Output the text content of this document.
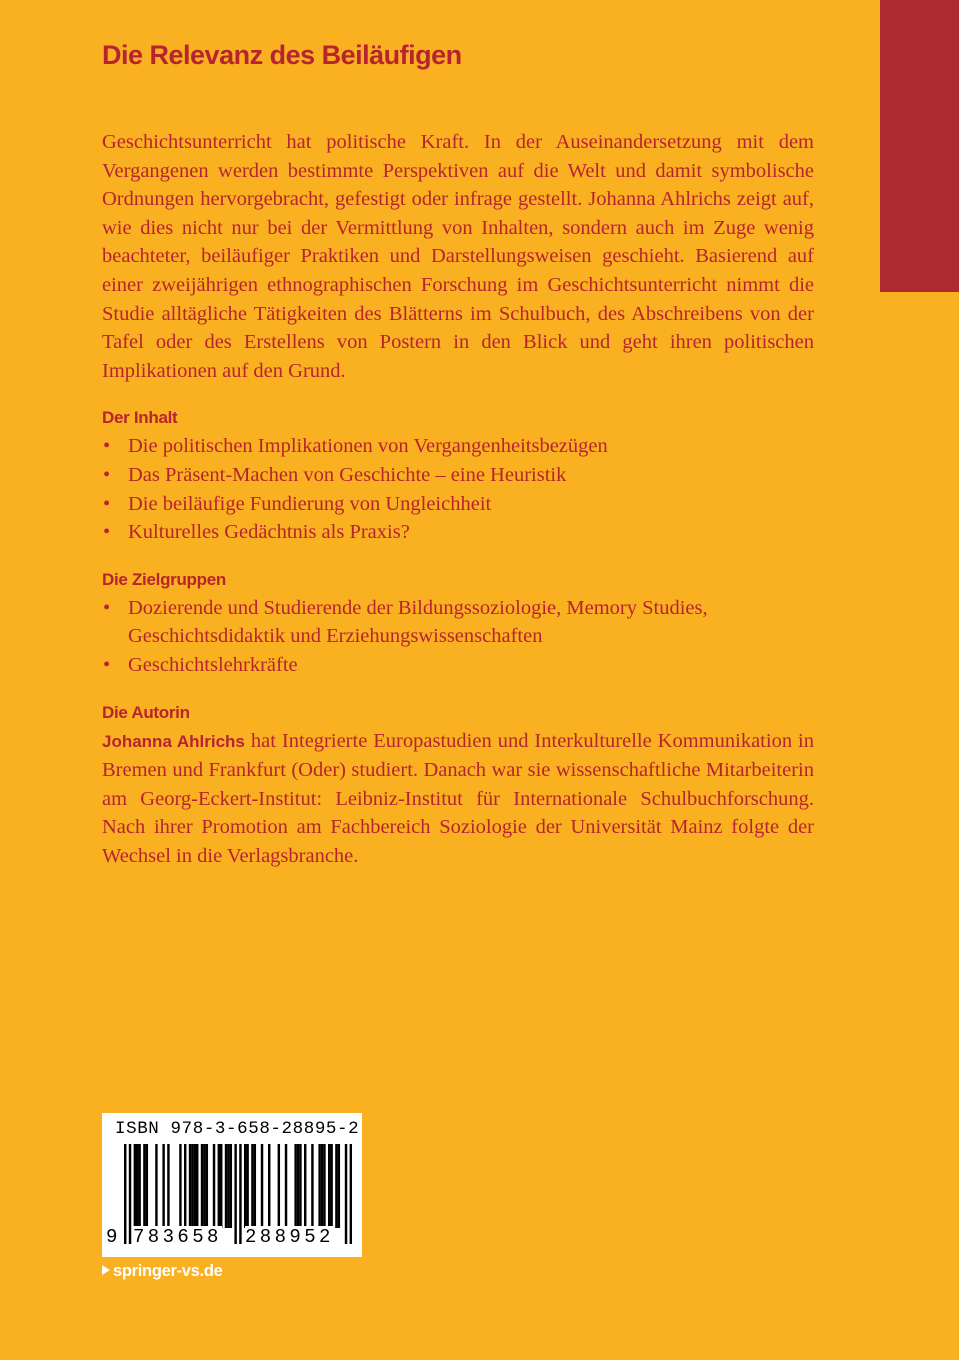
Die Relevanz des Beiläufigen

Geschichtsunterricht hat politische Kraft. In der Auseinandersetzung mit dem Vergangenen werden bestimmte Perspektiven auf die Welt und damit symbolische Ordnungen hervorgebracht, gefestigt oder infrage gestellt. Johanna Ahlrichs zeigt auf, wie dies nicht nur bei der Vermittlung von Inhalten, sondern auch im Zuge wenig beachteter, beiläufiger Praktiken und Darstellungsweisen geschieht. Basierend auf einer zweijährigen ethnographischen Forschung im Geschichtsunterricht nimmt die Studie alltägliche Tätigkeiten des Blätterns im Schulbuch, des Abschreibens von der Tafel oder des Erstellens von Postern in den Blick und geht ihren politischen Implikationen auf den Grund.

Der Inhalt
• Die politischen Implikationen von Vergangenheitsbezügen
• Das Präsent-Machen von Geschichte – eine Heuristik
• Die beiläufige Fundierung von Ungleichheit
• Kulturelles Gedächtnis als Praxis?
Die Zielgruppen
• Dozierende und Studierende der Bildungssoziologie, Memory Studies, Geschichtsdidaktik und Erziehungswissenschaften
• Geschichtslehrkräfte
Die Autorin

Johanna Ahlrichs hat Integrierte Europastudien und Interkulturelle Kommunikation in Bremen und Frankfurt (Oder) studiert. Danach war sie wissenschaftliche Mitarbeiterin am Georg-Eckert-Institut: Leibniz-Institut für Internationale Schulbuchforschung. Nach ihrer Promotion am Fachbereich Soziologie der Universität Mainz folgte der Wechsel in die Verlagsbranche.

ISBN 978-3-658-28895-2
9 783658 288952
springer-vs.de
